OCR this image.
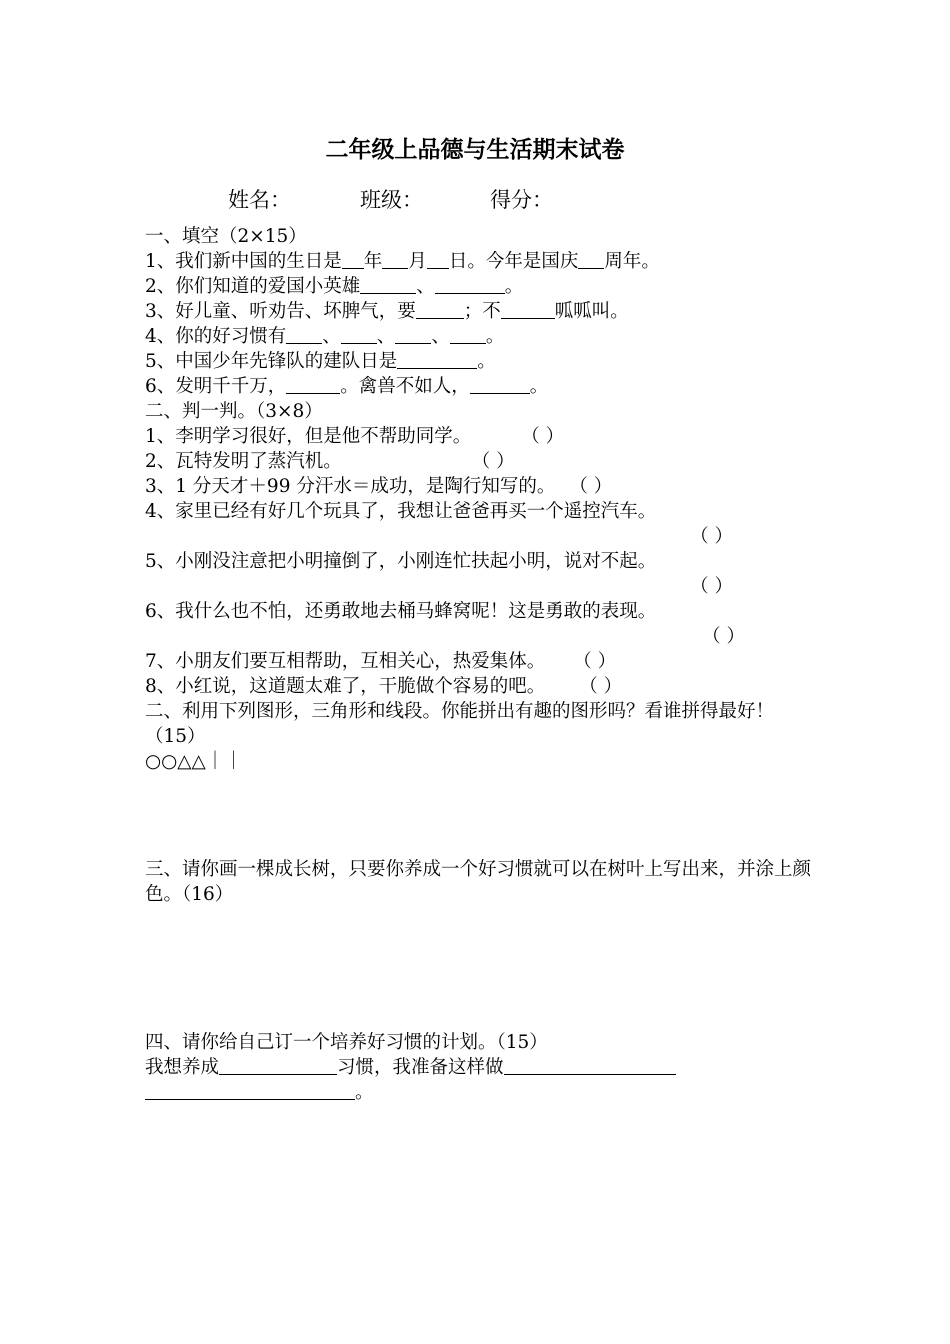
二年级上品德与生活期末试卷
姓名：	班级：	得分：
一、填空（2×15）
1、我们新中国的生日是 年 月 日。今年是国庆 周年。
2、你们知道的爱国小英雄	、	。
3、好儿童、听劝告、坏脾气，要	；不	呱呱叫。
4、你的好习惯有 、 、 、 。
5、中国少年先锋队的建队日是	。
6、发明千千万，	。禽兽不如人，	。
二、判一判。（3×8）
1、李明学习很好，但是他不帮助同学。	（ ）
2、瓦特发明了蒸汽机。	（ ）
3、1 分天才＋99 分汗水＝成功，是陶行知写的。 （ ）
4、家里已经有好几个玩具了，我想让爸爸再买一个遥控汽车。
（ ）
5、小刚没注意把小明撞倒了，小刚连忙扶起小明，说对不起。
（ ）
6、我什么也不怕，还勇敢地去桶马蜂窝呢！这是勇敢的表现。
（ ）
7、小朋友们要互相帮助，互相关心，热爱集体。 （ ）
8、小红说，这道题太难了，干脆做个容易的吧。 （ ）
二、利用下列图形，三角形和线段。你能拼出有趣的图形吗？看谁拼得最好！（15）
○○△△｜｜
三、请你画一棵成长树，只要你养成一个好习惯就可以在树叶上写出来，并涂上颜色。（16）
四、请你给自己订一个培养好习惯的计划。（15）
我想养成	习惯，我准备这样做
。
